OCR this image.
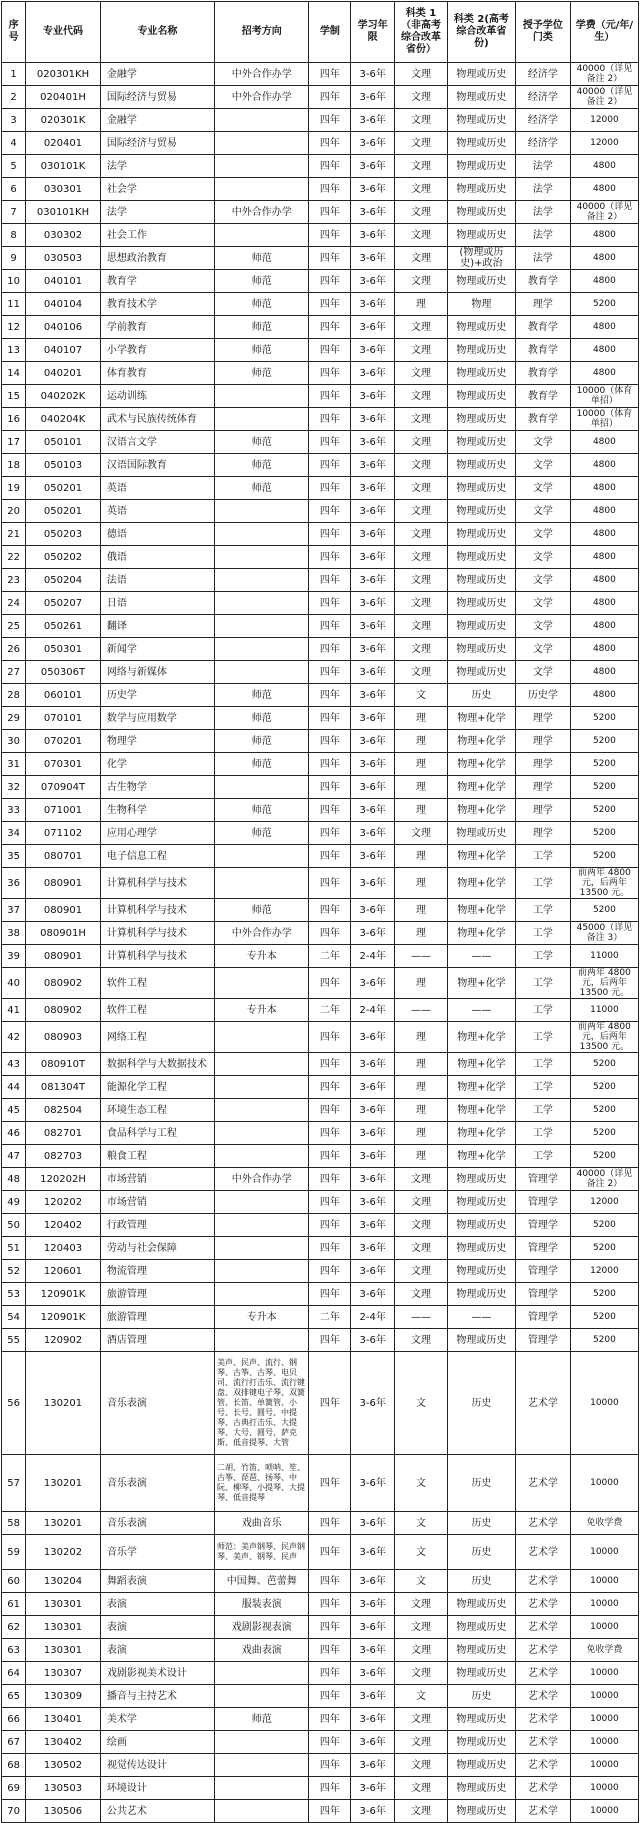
序号	专业代码	专业名称	招考方向	学制	学习年限	科类 1（非高考综合改革省份）	科类 2(高考综合改革省份)	授予学位门类	学费（元/年/生）
1	020301KH	金融学	中外合作办学	四年	3-6年	文理	物理或历史	经济学	40000（详见备注 2）
2	020401H	国际经济与贸易	中外合作办学	四年	3-6年	文理	物理或历史	经济学	40000（详见备注 2）
3	020301K	金融学		四年	3-6年	文理	物理或历史	经济学	12000
4	020401	国际经济与贸易		四年	3-6年	文理	物理或历史	经济学	12000
5	030101K	法学		四年	3-6年	文理	物理或历史	法学	4800
6	030301	社会学		四年	3-6年	文理	物理或历史	法学	4800
7	030101KH	法学	中外合作办学	四年	3-6年	文理	物理或历史	法学	40000（详见备注 2）
8	030302	社会工作		四年	3-6年	文理	物理或历史	法学	4800
9	030503	思想政治教育	师范	四年	3-6年	文理	(物理或历史)+政治	法学	4800
10	040101	教育学	师范	四年	3-6年	文理	物理或历史	教育学	4800
11	040104	教育技术学	师范	四年	3-6年	理	物理	理学	5200
12	040106	学前教育	师范	四年	3-6年	文理	物理或历史	教育学	4800
13	040107	小学教育	师范	四年	3-6年	文理	物理或历史	教育学	4800
14	040201	体育教育	师范	四年	3-6年	文理	物理或历史	教育学	4800
15	040202K	运动训练		四年	3-6年	文理	物理或历史	教育学	10000（体育单招）
16	040204K	武术与民族传统体育		四年	3-6年	文理	物理或历史	教育学	10000（体育单招）
17	050101	汉语言文学	师范	四年	3-6年	文理	物理或历史	文学	4800
18	050103	汉语国际教育	师范	四年	3-6年	文理	物理或历史	文学	4800
19	050201	英语	师范	四年	3-6年	文理	物理或历史	文学	4800
20	050201	英语		四年	3-6年	文理	物理或历史	文学	4800
21	050203	德语		四年	3-6年	文理	物理或历史	文学	4800
22	050202	俄语		四年	3-6年	文理	物理或历史	文学	4800
23	050204	法语		四年	3-6年	文理	物理或历史	文学	4800
24	050207	日语		四年	3-6年	文理	物理或历史	文学	4800
25	050261	翻译		四年	3-6年	文理	物理或历史	文学	4800
26	050301	新闻学		四年	3-6年	文理	物理或历史	文学	4800
27	050306T	网络与新媒体		四年	3-6年	文理	物理或历史	文学	4800
28	060101	历史学	师范	四年	3-6年	文	历史	历史学	4800
29	070101	数学与应用数学	师范	四年	3-6年	理	物理+化学	理学	5200
30	070201	物理学	师范	四年	3-6年	理	物理+化学	理学	5200
31	070301	化学	师范	四年	3-6年	理	物理+化学	理学	5200
32	070904T	古生物学		四年	3-6年	理	物理+化学	理学	5200
33	071001	生物科学	师范	四年	3-6年	理	物理+化学	理学	5200
34	071102	应用心理学	师范	四年	3-6年	文理	物理或历史	理学	5200
35	080701	电子信息工程		四年	3-6年	理	物理+化学	工学	5200
36	080901	计算机科学与技术		四年	3-6年	理	物理+化学	工学	前两年 4800元，后两年13500 元。
37	080901	计算机科学与技术	师范	四年	3-6年	理	物理+化学	工学	5200
38	080901H	计算机科学与技术	中外合作办学	四年	3-6年	理	物理+化学	工学	45000（详见备注 3）
39	080901	计算机科学与技术	专升本	二年	2-4年	——	——	工学	11000
40	080902	软件工程		四年	3-6年	理	物理+化学	工学	前两年 4800元，后两年13500 元。
41	080902	软件工程	专升本	二年	2-4年	——	——	工学	11000
42	080903	网络工程		四年	3-6年	理	物理+化学	工学	前两年 4800元，后两年13500 元。
43	080910T	数据科学与大数据技术		四年	3-6年	理	物理+化学	工学	5200
44	081304T	能源化学工程		四年	3-6年	理	物理+化学	工学	5200
45	082504	环境生态工程		四年	3-6年	理	物理+化学	工学	5200
46	082701	食品科学与工程		四年	3-6年	理	物理+化学	工学	5200
47	082703	粮食工程		四年	3-6年	理	物理+化学	工学	5200
48	120202H	市场营销	中外合作办学	四年	3-6年	文理	物理或历史	管理学	40000（详见备注 2）
49	120202	市场营销		四年	3-6年	文理	物理或历史	管理学	12000
50	120402	行政管理		四年	3-6年	文理	物理或历史	管理学	5200
51	120403	劳动与社会保障		四年	3-6年	文理	物理或历史	管理学	5200
52	120601	物流管理		四年	3-6年	文理	物理或历史	管理学	12000
53	120901K	旅游管理		四年	3-6年	文理	物理或历史	管理学	5200
54	120901K	旅游管理	专升本	二年	2-4年	——	——	管理学	5200
55	120902	酒店管理		四年	3-6年	文理	物理或历史	管理学	5200
56	130201	音乐表演	美声、民声、流行、钢琴、古筝、古琴、电贝司、流行打击乐、流行键盘、双排键电子琴、双簧管、长笛、单簧管、小号、长号、圆号、中提琴、古典打击乐、大提琴、大号、圆号、萨克斯、低音提琴、大管	四年	3-6年	文	历史	艺术学	10000
57	130201	音乐表演	二胡、竹笛、唢呐、笙、古筝、琵琶、扬琴、中阮、柳琴、小提琴、大提琴、低音提琴	四年	3-6年	文	历史	艺术学	10000
58	130201	音乐表演	戏曲音乐	四年	3-6年	文	历史	艺术学	免收学费
59	130202	音乐学	师范：美声钢琴、民声钢琴、美声、钢琴、民声	四年	3-6年	文	历史	艺术学	10000
60	130204	舞蹈表演	中国舞、芭蕾舞	四年	3-6年	文	历史	艺术学	10000
61	130301	表演	服装表演	四年	3-6年	文理	物理或历史	艺术学	10000
62	130301	表演	戏剧影视表演	四年	3-6年	文理	物理或历史	艺术学	10000
63	130301	表演	戏曲表演	四年	3-6年	文理	物理或历史	艺术学	免收学费
64	130307	戏剧影视美术设计		四年	3-6年	文理	物理或历史	艺术学	10000
65	130309	播音与主持艺术		四年	3-6年	文	历史	艺术学	10000
66	130401	美术学	师范	四年	3-6年	文理	物理或历史	艺术学	10000
67	130402	绘画		四年	3-6年	文理	物理或历史	艺术学	10000
68	130502	视觉传达设计		四年	3-6年	文理	物理或历史	艺术学	10000
69	130503	环境设计		四年	3-6年	文理	物理或历史	艺术学	10000
70	130506	公共艺术		四年	3-6年	文理	物理或历史	艺术学	10000
